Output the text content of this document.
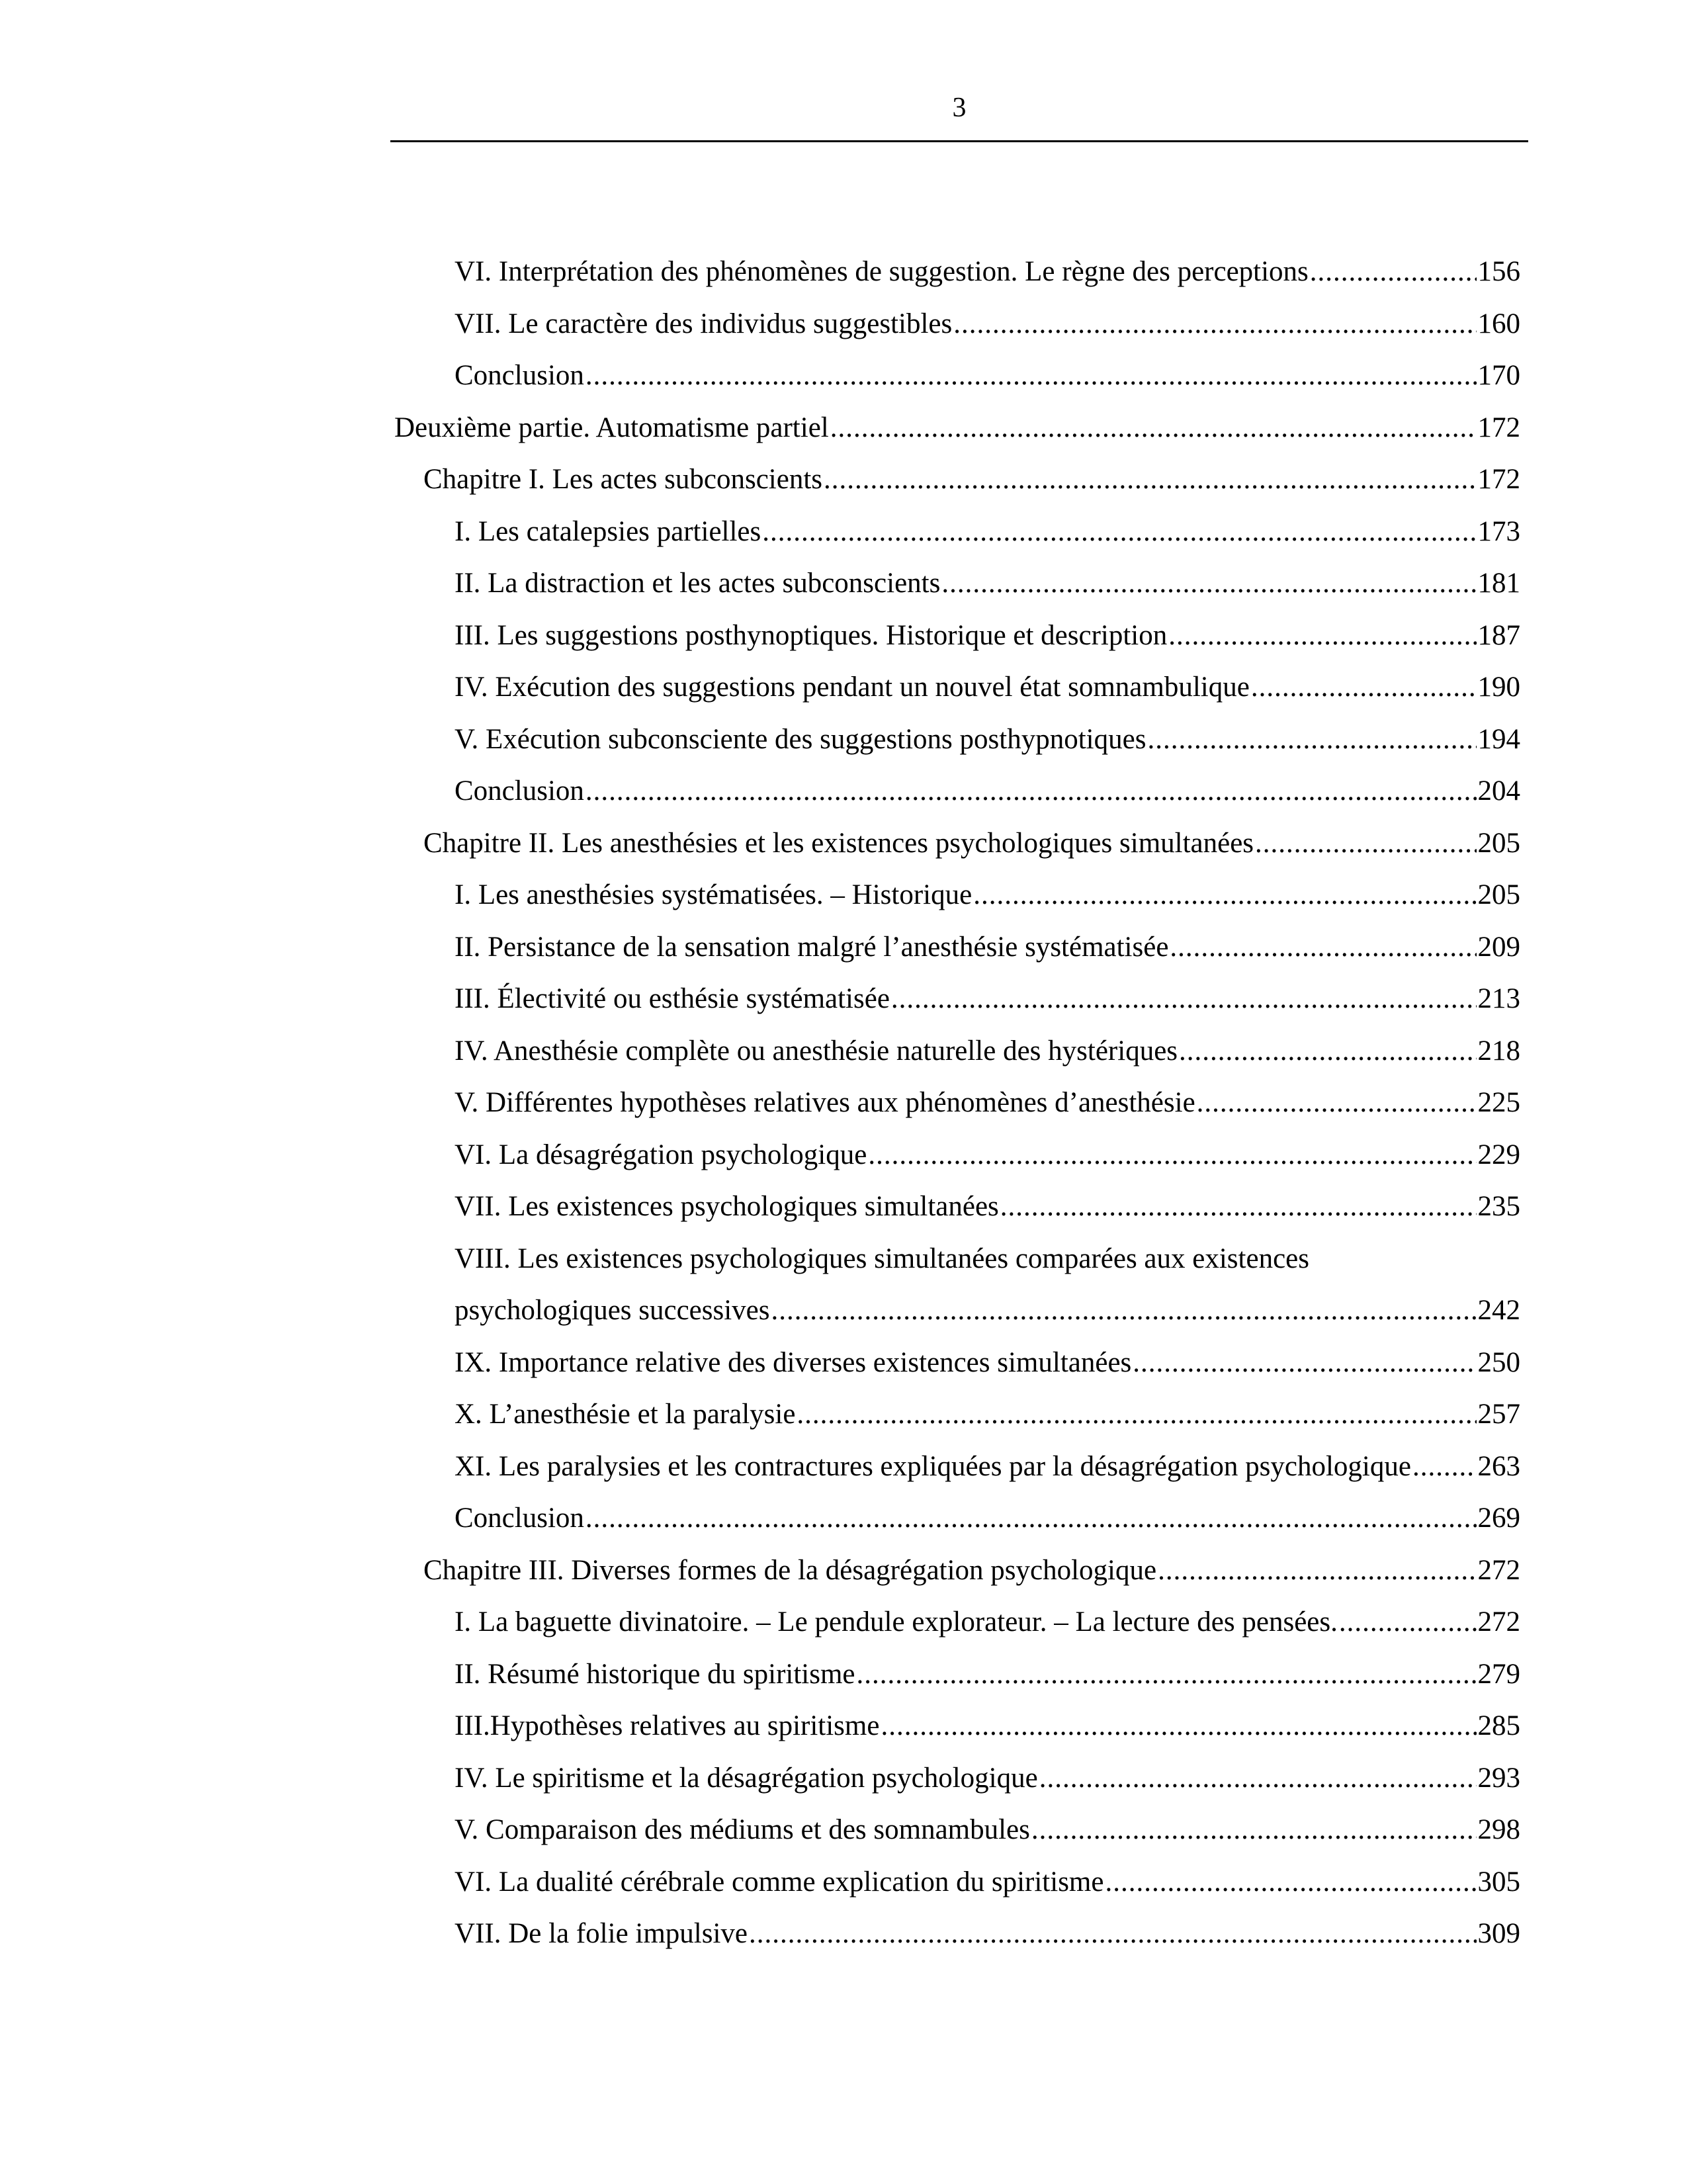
3
VI. Interprétation des phénomènes de suggestion. Le règne des perceptions .....	156
VII. Le caractère des individus suggestibles .....	160
Conclusion .....	170
Deuxième partie. Automatisme partiel .....	172
Chapitre I. Les actes subconscients .....	172
I. Les catalepsies partielles .....	173
II. La distraction et les actes subconscients .....	181
III. Les suggestions posthynoptiques. Historique et description .....	187
IV. Exécution des suggestions pendant un nouvel état somnambulique .....	190
V. Exécution subconsciente des suggestions posthypnotiques .....	194
Conclusion .....	204
Chapitre II. Les anesthésies et les existences psychologiques simultanées .....	205
I. Les anesthésies systématisées. – Historique .....	205
II. Persistance de la sensation malgré l’anesthésie systématisée .....	209
III. Électivité ou esthésie systématisée .....	213
IV. Anesthésie complète ou anesthésie naturelle des hystériques .....	218
V. Différentes hypothèses relatives aux phénomènes d’anesthésie .....	225
VI. La désagrégation psychologique .....	229
VII. Les existences psychologiques simultanées .....	235
VIII. Les existences psychologiques simultanées comparées aux existences
psychologiques successives .....	242
IX. Importance relative des diverses existences simultanées .....	250
X. L’anesthésie et la paralysie .....	257
XI. Les paralysies et les contractures expliquées par la désagrégation psychologique ..... 263
Conclusion .....	269
Chapitre III. Diverses formes de la désagrégation psychologique .....	272
I. La baguette divinatoire. – Le pendule explorateur. – La lecture des pensées. .....	272
II. Résumé historique du spiritisme .....	279
III.Hypothèses relatives au spiritisme .....	285
IV. Le spiritisme et la désagrégation psychologique .....	293
V. Comparaison des médiums et des somnambules .....	298
VI. La dualité cérébrale comme explication du spiritisme .....	305
VII. De la folie impulsive .....	309
